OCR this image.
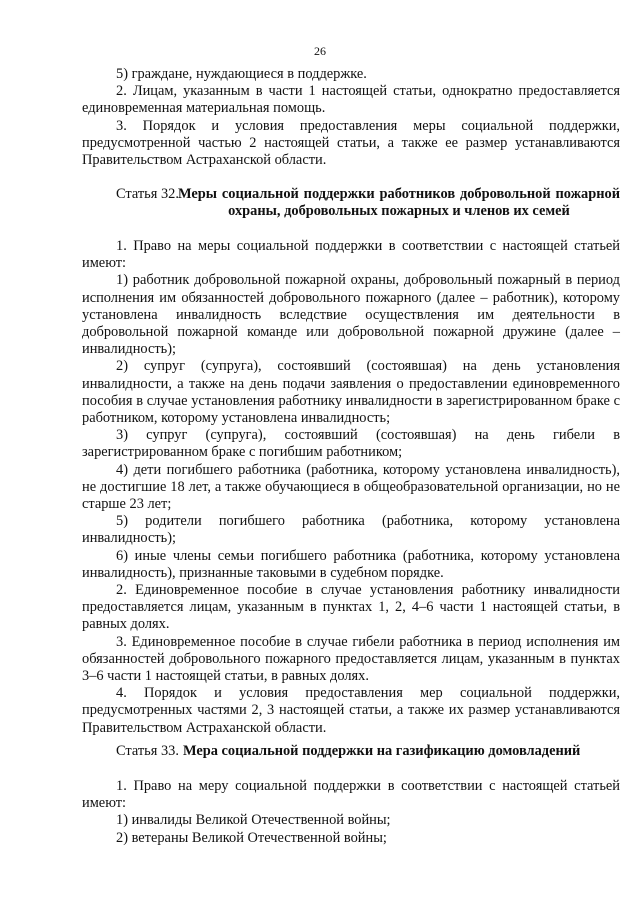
26

5) граждане, нуждающиеся в поддержке.

2. Лицам, указанным в части 1 настоящей статьи, однократно предоставляется единовременная материальная помощь.

3. Порядок и условия предоставления меры социальной поддержки, предусмотренной частью 2 настоящей статьи, а также ее размер устанавливаются Правительством Астраханской области.

Статья 32. Меры социальной поддержки работников добровольной пожарной охраны, добровольных пожарных и членов их семей

1. Право на меры социальной поддержки в соответствии с настоящей статьей имеют:

1) работник добровольной пожарной охраны, добровольный пожарный в период исполнения им обязанностей добровольного пожарного (далее – работник), которому установлена инвалидность вследствие осуществления им деятельности в добровольной пожарной команде или добровольной пожарной дружине (далее – инвалидность);

2) супруг (супруга), состоявший (состоявшая) на день установления инвалидности, а также на день подачи заявления о предоставлении единовременного пособия в случае установления работнику инвалидности в зарегистрированном браке с работником, которому установлена инвалидность;

3) супруг (супруга), состоявший (состоявшая) на день гибели в зарегистрированном браке с погибшим работником;

4) дети погибшего работника (работника, которому установлена инвалидность), не достигшие 18 лет, а также обучающиеся в общеобразовательной организации, но не старше 23 лет;

5) родители погибшего работника (работника, которому установлена инвалидность);

6) иные члены семьи погибшего работника (работника, которому установлена инвалидность), признанные таковыми в судебном порядке.

2. Единовременное пособие в случае установления работнику инвалидности предоставляется лицам, указанным в пунктах 1, 2, 4–6 части 1 настоящей статьи, в равных долях.

3. Единовременное пособие в случае гибели работника в период исполнения им обязанностей добровольного пожарного предоставляется лицам, указанным в пунктах 3–6 части 1 настоящей статьи, в равных долях.

4. Порядок и условия предоставления мер социальной поддержки, предусмотренных частями 2, 3 настоящей статьи, а также их размер устанавливаются Правительством Астраханской области.

Статья 33. Мера социальной поддержки на газификацию домовладений

1. Право на меру социальной поддержки в соответствии с настоящей статьей имеют:

1) инвалиды Великой Отечественной войны;

2) ветераны Великой Отечественной войны;
